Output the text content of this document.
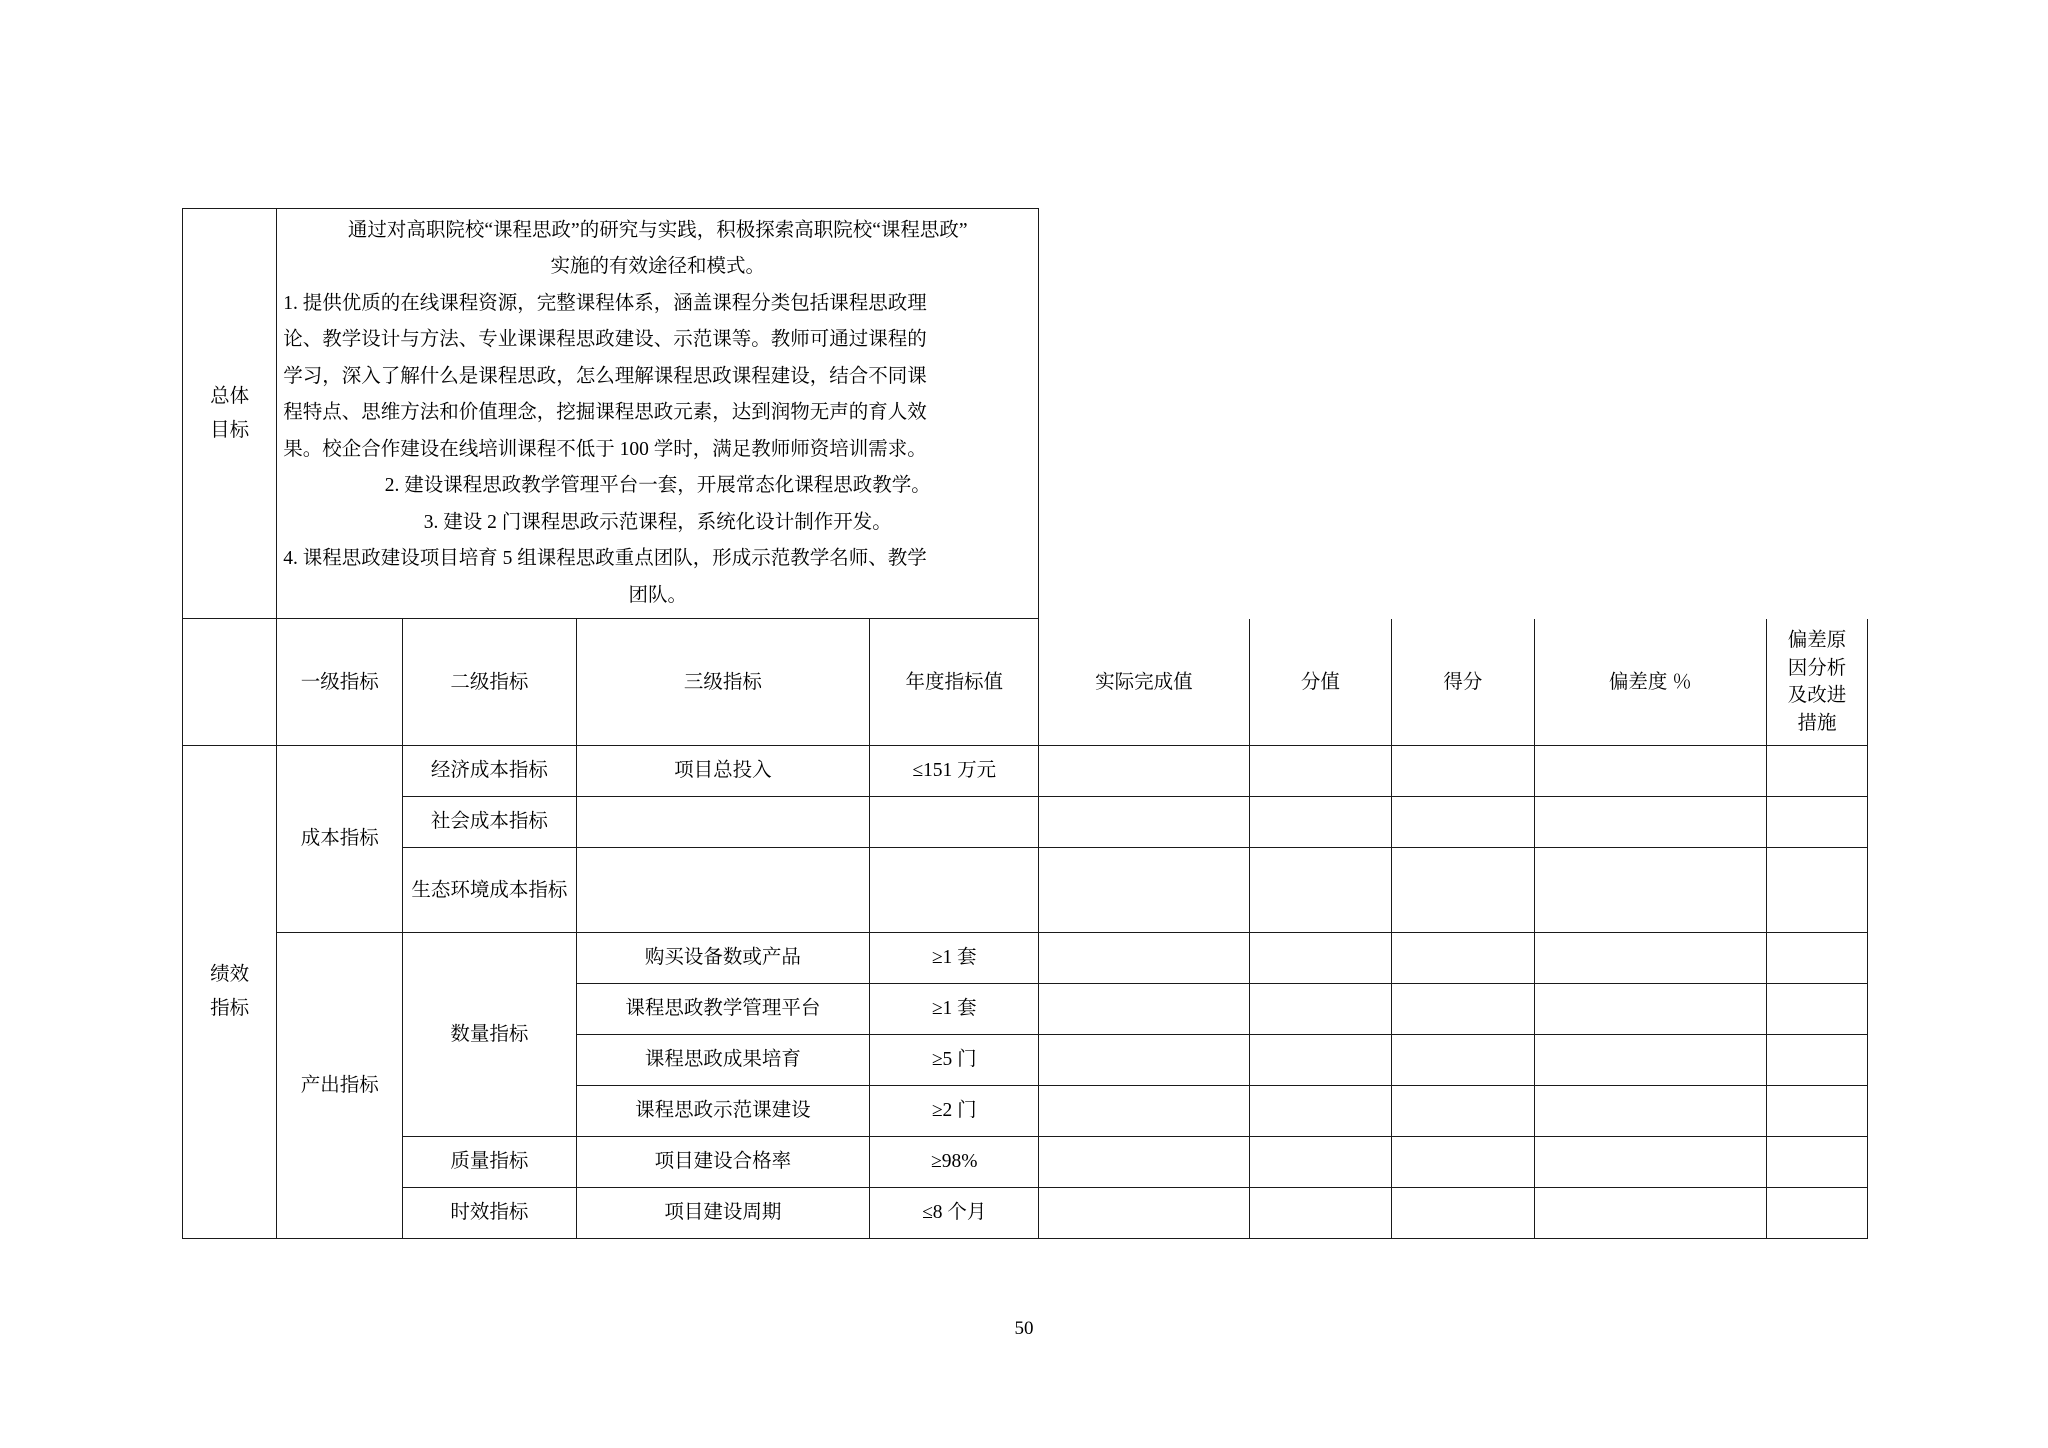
总体
目标

通过对高职院校“课程思政”的研究与实践，积极探索高职院校“课程思政”

实施的有效途径和模式。

1. 提供优质的在线课程资源，完整课程体系，涵盖课程分类包括课程思政理

论、教学设计与方法、专业课课程思政建设、示范课等。教师可通过课程的

学习，深入了解什么是课程思政，怎么理解课程思政课程建设，结合不同课

程特点、思维方法和价值理念，挖掘课程思政元素，达到润物无声的育人效

果。校企合作建设在线培训课程不低于 100 学时，满足教师师资培训需求。

2. 建设课程思政教学管理平台一套，开展常态化课程思政教学。

3. 建设 2 门课程思政示范课程，系统化设计制作开发。

4. 课程思政建设项目培育 5 组课程思政重点团队，形成示范教学名师、教学

团队。

	一级指标	二级指标	三级指标	年度指标值	实际完成值	分值	得分	偏差度 ％	偏差原
因分析
及改进
措施

绩效
指标	成本指标	经济成本指标	项目总投入	≤151 万元					
		社会成本指标							
		生态环境成本指标							
	产出指标	数量指标	购买设备数或产品	≥1 套					
			课程思政教学管理平台	≥1 套					
			课程思政成果培育	≥5 门					
			课程思政示范课建设	≥2 门					
		质量指标	项目建设合格率	≥98%					
		时效指标	项目建设周期	≤8 个月					
50
